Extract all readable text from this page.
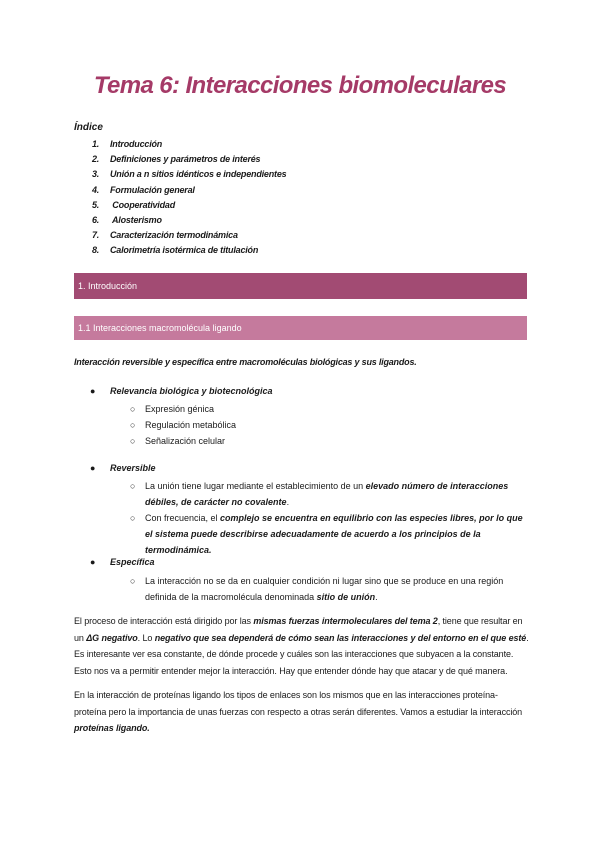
Tema 6: Interacciones biomoleculares
Índice
1. Introducción
2. Definiciones y parámetros de interés
3. Unión a n sitios idénticos e independientes
4. Formulación general
5. Cooperatividad
6. Alosterismo
7. Caracterización termodinámica
8. Calorimetría isotérmica de titulación
1. Introducción
1.1 Interacciones macromolécula ligando
Interacción reversible y específica entre macromoléculas biológicas y sus ligandos.
● Relevancia biológica y biotecnológica
○ Expresión génica
○ Regulación metabólica
○ Señalización celular
● Reversible
○ La unión tiene lugar mediante el establecimiento de un elevado número de interacciones débiles, de carácter no covalente.
○ Con frecuencia, el complejo se encuentra en equilibrio con las especies libres, por lo que el sistema puede describirse adecuadamente de acuerdo a los principios de la termodinámica.
● Específica
○ La interacción no se da en cualquier condición ni lugar sino que se produce en una región definida de la macromolécula denominada sitio de unión.
El proceso de interacción está dirigido por las mismas fuerzas intermoleculares del tema 2, tiene que resultar en un ΔG negativo. Lo negativo que sea dependerá de cómo sean las interacciones y del entorno en el que esté. Es interesante ver esa constante, de dónde procede y cuáles son las interacciones que subyacen a la constante. Esto nos va a permitir entender mejor la interacción. Hay que entender dónde hay que atacar y de qué manera.
En la interacción de proteínas ligando los tipos de enlaces son los mismos que en las interacciones proteína-proteína pero la importancia de unas fuerzas con respecto a otras serán diferentes. Vamos a estudiar la interacción proteínas ligando.
